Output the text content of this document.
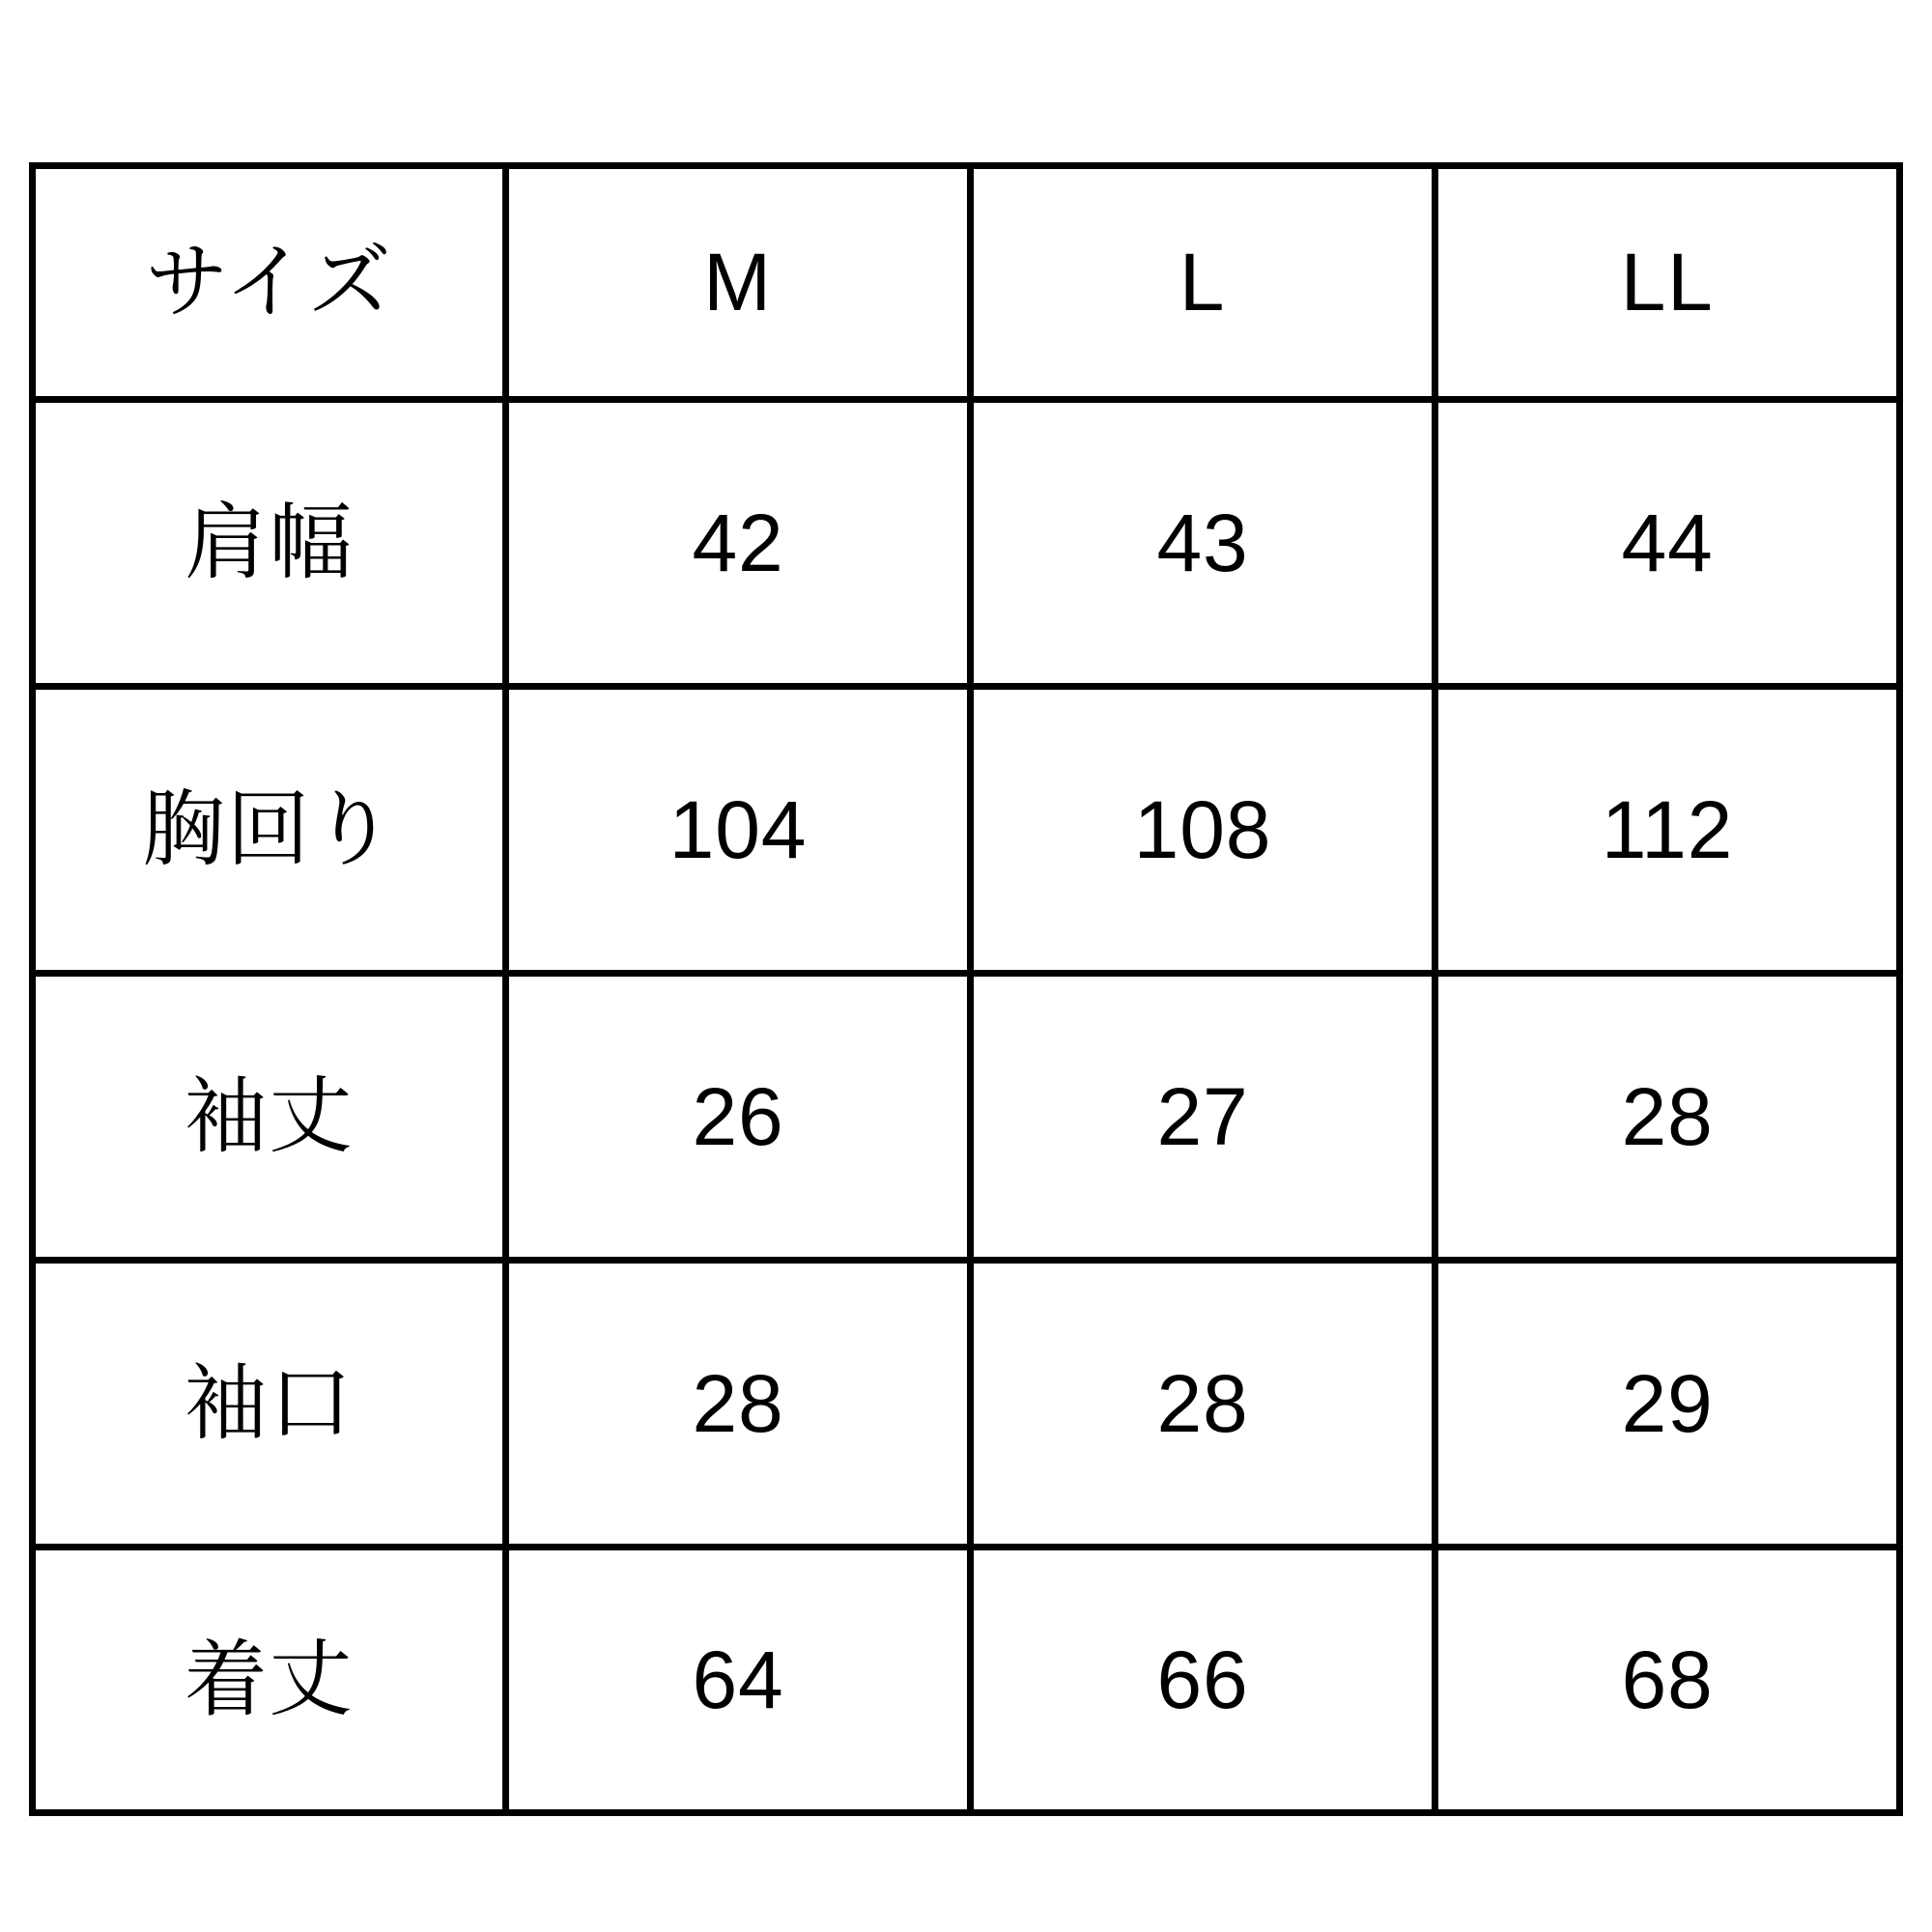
サイズ	M	L	LL
肩幅	42	43	44
胸回り	104	108	112
袖丈	26	27	28
袖口	28	28	29
着丈	64	66	68
